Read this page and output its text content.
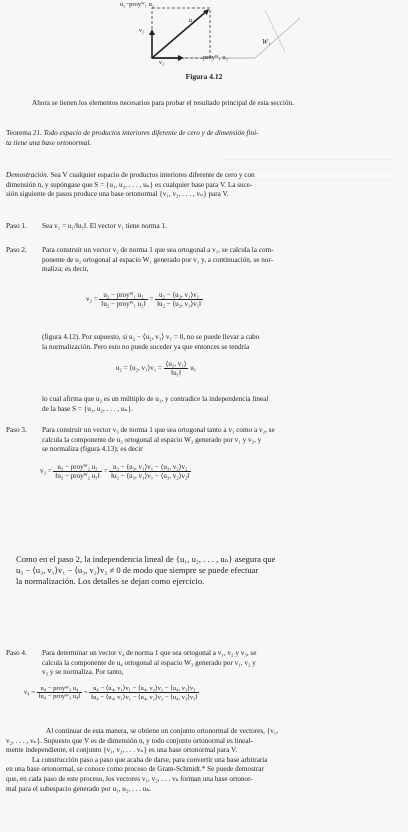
u₂−proyᵂ₁ u₂
v₂
u₂
v₁
proyᵂ₁ u₂
W₁
Figura 4.12
Ahora se tienen los elementos necesarios para probar el resultado principal de esta sección.
Teorema 21. Todo espacio de productos interiores diferente de cero y de dimensión fini-
ta tiene una base ortonormal.
Demostración. Sea V cualquier espacio de productos interiores diferente de cero y con
dimensión n, y supóngase que S = {u₁, u₂, . . . , uₙ} es cualquier base para V. La suce-
sión siguiente de pasos produce una base ortonormal {v₁, v₂, . . . , vₙ} para V.
Paso 1. Sea v₁ = u₁/‖u₁‖. El vector v₁ tiene norma 1.
Paso 2. Para construir un vector v₂ de norma 1 que sea ortogonal a v₁, se calcula la com-
ponente de u₂ ortogonal al espacio W₁ generado por v₁ y, a continuación, se nor-
maliza; es decir,
$v_2 = \frac{\text{u₂ − proyᵂ₁ u₂}}{\text{‖u₂ − proyᵂ₁ u₂‖}} = \frac{\text{u₂ − ⟨u₂, v₁⟩v₁}}{\text{‖u₂ − ⟨u₂, v₁⟩v₁‖}}$
(figura 4.12). Por supuesto, si u₂ − ⟨u₂, v₁⟩ v₁ = 0, no se puede llevar a cabo
la normalización. Pero esto no puede suceder ya que entonces se tendría
u₂ = ⟨u₂, v₁⟩v₁ = $\frac{\text{⟨u₂, v₁⟩}}{\text{‖u₁‖}} u_1$
lo cual afirma que u₂ es un múltiplo de u₁, y contradice la independencia lineal
de la base S = {u₁, u₂, . . . , uₙ}.
Paso 3. Para construir un vector v₃ de norma 1 que sea ortogonal tanto a v₁ como a v₂, se
calcula la componente de u₃ ortogonal al espacio W₂ generado por v₁ y v₂, y
se normaliza (figura 4.13); es decir
$v_3 = \frac{\text{u₃ − proyᵂ₂ u₃}}{\text{‖u₃ − proyᵂ₂ u₃‖}} = \frac{\text{u₃ − ⟨u₃, v₁⟩v₁ − ⟨u₃, v₂⟩v₂}}{\text{‖u₃ − ⟨u₃, v₁⟩v₁ − ⟨u₃, v₂⟩v₂‖}}$
Como en el paso 2, la independencia lineal de {u₁, u₂, . . . , uₙ} asegura que
u₃ − ⟨u₃, v₁⟩v₁ − ⟨u₃, v₂⟩v₂ ≠ 0 de modo que siempre se puede efectuar
la normalización. Los detalles se dejan como ejercicio.
Paso 4. Para determinar un vector v₄ de norma 1 que sea ortogonal a v₁, v₂ y v₃, se
calcula la componente de u₄ ortogonal al espacio W₃ generado por v₁, v₂ y
v₃ y se normaliza. Por tanto,
$v_4 = \frac{\text{u₄ − proyᵂ₃ u₄}}{\text{‖u₄ − proyᵂ₃ u₄‖}} = \frac{\text{u₄ − ⟨u₄, v₁⟩v₁ − ⟨u₄, v₂⟩v₂ − ⟨u₄, v₃⟩v₃}}{\text{‖u₄ − ⟨u₄, v₁⟩v₁ − ⟨u₄, v₂⟩v₂ − ⟨u₄, v₃⟩v₃‖}}$
Al continuar de esta manera, se obtiene un conjunto ortonormal de vectores, {v₁,
v₂, . . . , vₙ}. Supuesto que V es de dimensión n, y todo conjunto ortonormal es lineal-
mente independiente, el conjunto {v₁, v₂, . . . vₙ} es una base ortonormal para V.
La construcción paso a paso que acaba de darse, para convertir una base arbitraria
en una base ortonormal, se conoce como proceso de Gram-Schmidt.* Se puede demostrar
que, en cada paso de este proceso, los vectores v₁, v₂, . . . vₖ forman una base ortonor-
mal para el subespacio generado por u₁, u₂, . . . uₖ.
